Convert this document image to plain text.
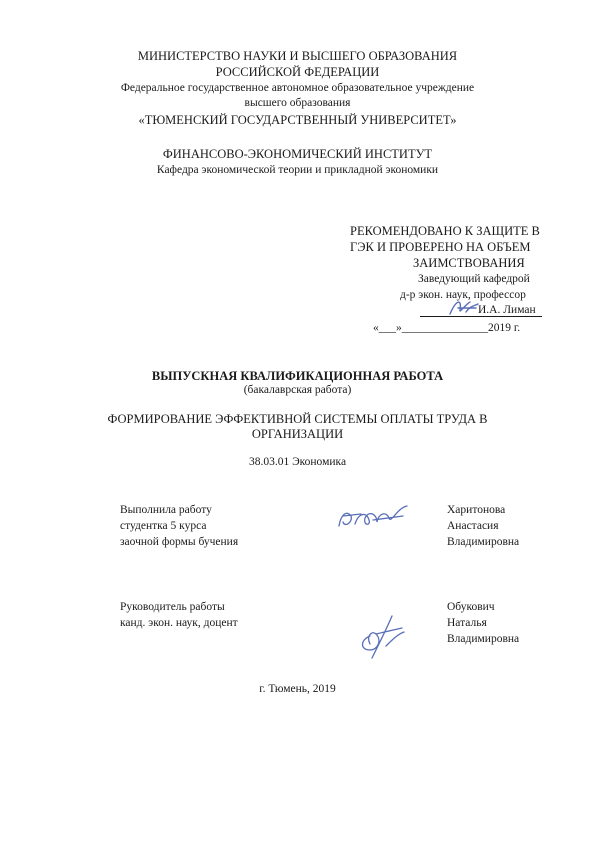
МИНИСТЕРСТВО НАУКИ И ВЫСШЕГО ОБРАЗОВАНИЯ
РОССИЙСКОЙ ФЕДЕРАЦИИ
Федеральное государственное автономное образовательное учреждение
высшего образования
«ТЮМЕНСКИЙ ГОСУДАРСТВЕННЫЙ УНИВЕРСИТЕТ»
ФИНАНСОВО-ЭКОНОМИЧЕСКИЙ ИНСТИТУТ
Кафедра экономической теории и прикладной экономики
РЕКОМЕНДОВАНО К ЗАЩИТЕ В
ГЭК И ПРОВЕРЕНО НА ОБЪЕМ
ЗАИМСТВОВАНИЯ
Заведующий кафедрой
д-р экон. наук, профессор
И.А. Лиман
«___»_______________2019 г.
ВЫПУСКНАЯ КВАЛИФИКАЦИОННАЯ РАБОТА
(бакалаврская работа)
ФОРМИРОВАНИЕ ЭФФЕКТИВНОЙ СИСТЕМЫ ОПЛАТЫ ТРУДА В
ОРГАНИЗАЦИИ
38.03.01 Экономика
Выполнила работу
студентка 5 курса
заочной формы бучения
Харитонова
Анастасия
Владимировна
Руководитель работы
канд. экон. наук, доцент
Обукович
Наталья
Владимировна
г. Тюмень, 2019
